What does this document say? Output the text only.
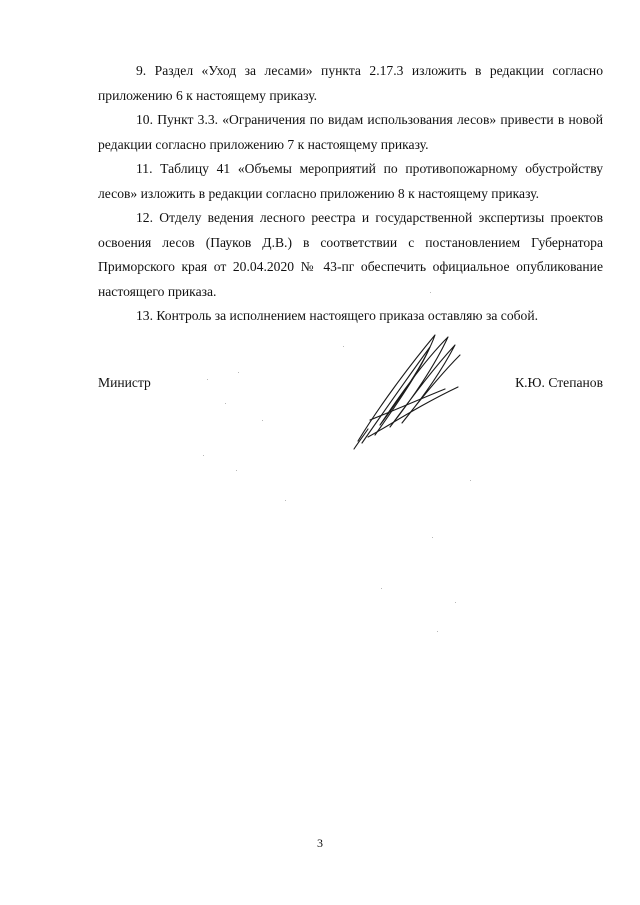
9. Раздел «Уход за лесами» пункта 2.17.3 изложить в редакции согласно приложению 6 к настоящему приказу.

10. Пункт 3.3. «Ограничения по видам использования лесов» привести в новой редакции согласно приложению 7 к настоящему приказу.

11. Таблицу 41 «Объемы мероприятий по противопожарному обустройству лесов» изложить в редакции согласно приложению 8 к настоящему приказу.

12. Отделу ведения лесного реестра и государственной экспертизы проектов освоения лесов (Пауков Д.В.) в соответствии с постановлением Губернатора Приморского края от 20.04.2020 № 43-пг обеспечить официальное опубликование настоящего приказа.

13. Контроль за исполнением настоящего приказа оставляю за собой.

Министр	К.Ю. Степанов
3
